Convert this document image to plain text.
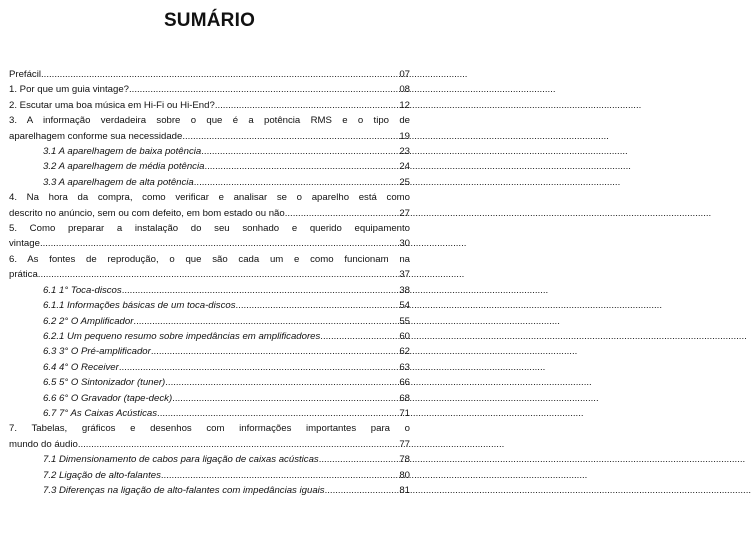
SUMÁRIO
Prefácil .....	07
1. Por que um guia vintage? .....	08
2. Escutar uma boa música em Hi-Fi ou Hi-End? .....	12
3. A informação verdadeira sobre o que é a potência RMS e o tipo de
aparelhagem conforme sua necessidade .....	19
3.1 A aparelhagem de baixa potência .....	23
3.2 A aparelhagem de média potência .....	24
3.3 A aparelhagem de alta potência .....	25
4. Na hora da compra, como verificar e analisar se o aparelho está como
descrito no anúncio, sem ou com defeito, em bom estado ou não .....	27
5. Como preparar a instalação do seu sonhado e querido equipamento
vintage .....	30
6. As fontes de reprodução, o que são cada um e como funcionam na
prática .....	37
6.1 1° Toca-discos .....	38
6.1.1 Informações básicas de um toca-discos .....	54
6.2 2° O Amplificador .....	55
6.2.1 Um pequeno resumo sobre impedâncias em amplificadores .....	60
6.3 3° O Pré-amplificador .....	62
6.4 4° O Receiver .....	63
6.5 5° O Sintonizador (tuner) .....	66
6.6 6° O Gravador (tape-deck) .....	68
6.7 7° As Caixas Acústicas .....	71
7. Tabelas, gráficos e desenhos com informações importantes para o
mundo do áudio .....	77
7.1 Dimensionamento de cabos para ligação de caixas acústicas .....	78
7.2 Ligação de alto-falantes .....	80
7.3 Diferenças na ligação de alto-falantes com impedâncias iguais .....	81
